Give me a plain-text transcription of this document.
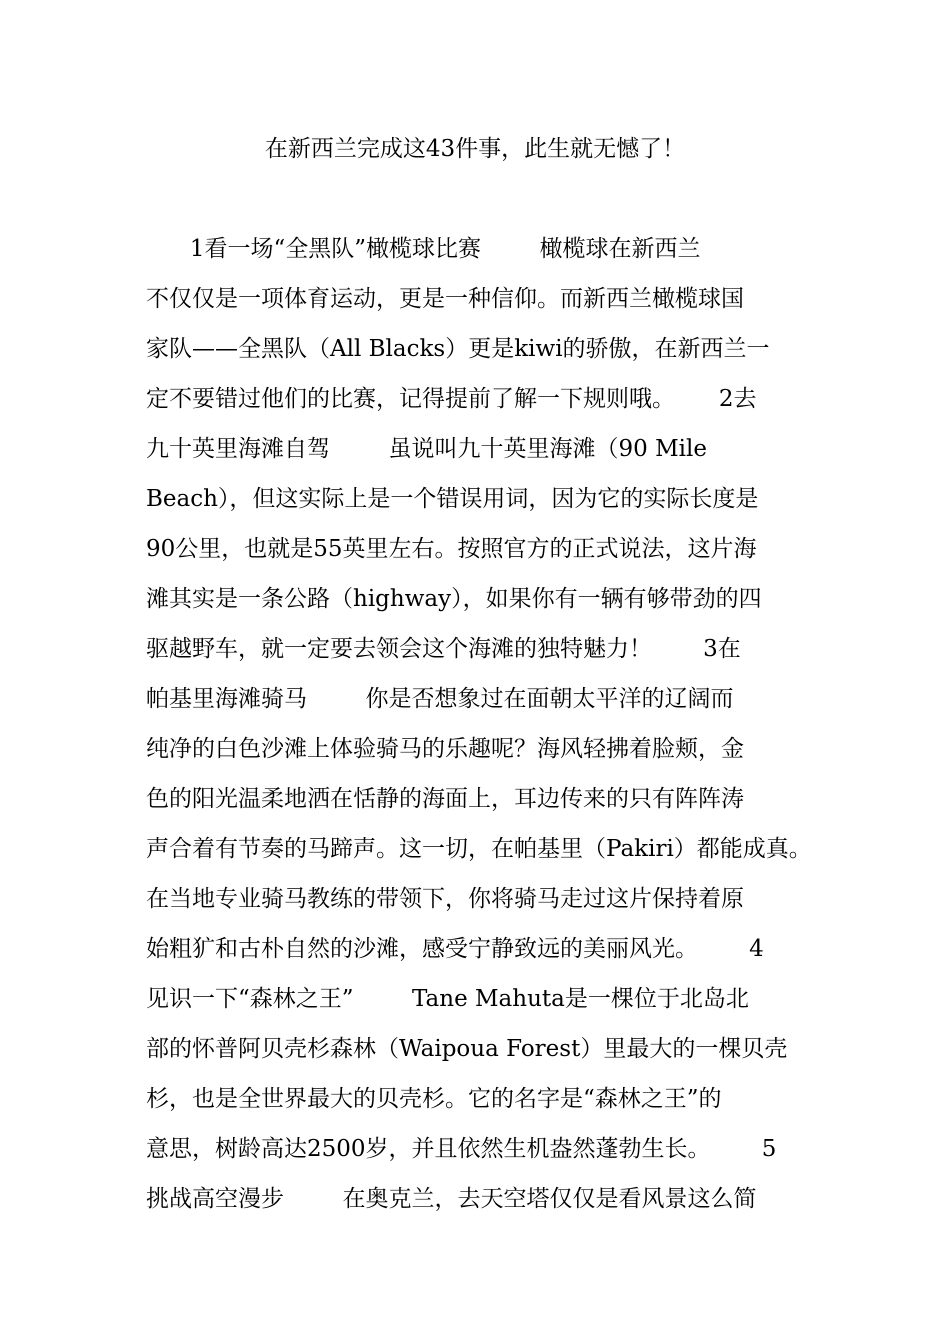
在新西兰完成这43件事，此生就无憾了！
1看一场“全黑队”橄榄球比赛        橄榄球在新西兰
不仅仅是一项体育运动，更是一种信仰。而新西兰橄榄球国
家队——全黑队（All Blacks）更是kiwi的骄傲，在新西兰一
定不要错过他们的比赛，记得提前了解一下规则哦。      2去
九十英里海滩自驾        虽说叫九十英里海滩（90 Mile
Beach），但这实际上是一个错误用词，因为它的实际长度是
90公里，也就是55英里左右。按照官方的正式说法，这片海
滩其实是一条公路（highway），如果你有一辆有够带劲的四
驱越野车，就一定要去领会这个海滩的独特魅力！       3在
帕基里海滩骑马        你是否想象过在面朝太平洋的辽阔而
纯净的白色沙滩上体验骑马的乐趣呢？海风轻拂着脸颊，金
色的阳光温柔地洒在恬静的海面上，耳边传来的只有阵阵涛
声合着有节奏的马蹄声。这一切，在帕基里（Pakiri）都能成真。
在当地专业骑马教练的带领下，你将骑马走过这片保持着原
始粗犷和古朴自然的沙滩，感受宁静致远的美丽风光。       4
见识一下“森林之王”        Tane Mahuta是一棵位于北岛北
部的怀普阿贝壳杉森林（Waipoua Forest）里最大的一棵贝壳
杉，也是全世界最大的贝壳杉。它的名字是“森林之王”的
意思，树龄高达2500岁，并且依然生机盎然蓬勃生长。       5
挑战高空漫步        在奥克兰，去天空塔仅仅是看风景这么简
